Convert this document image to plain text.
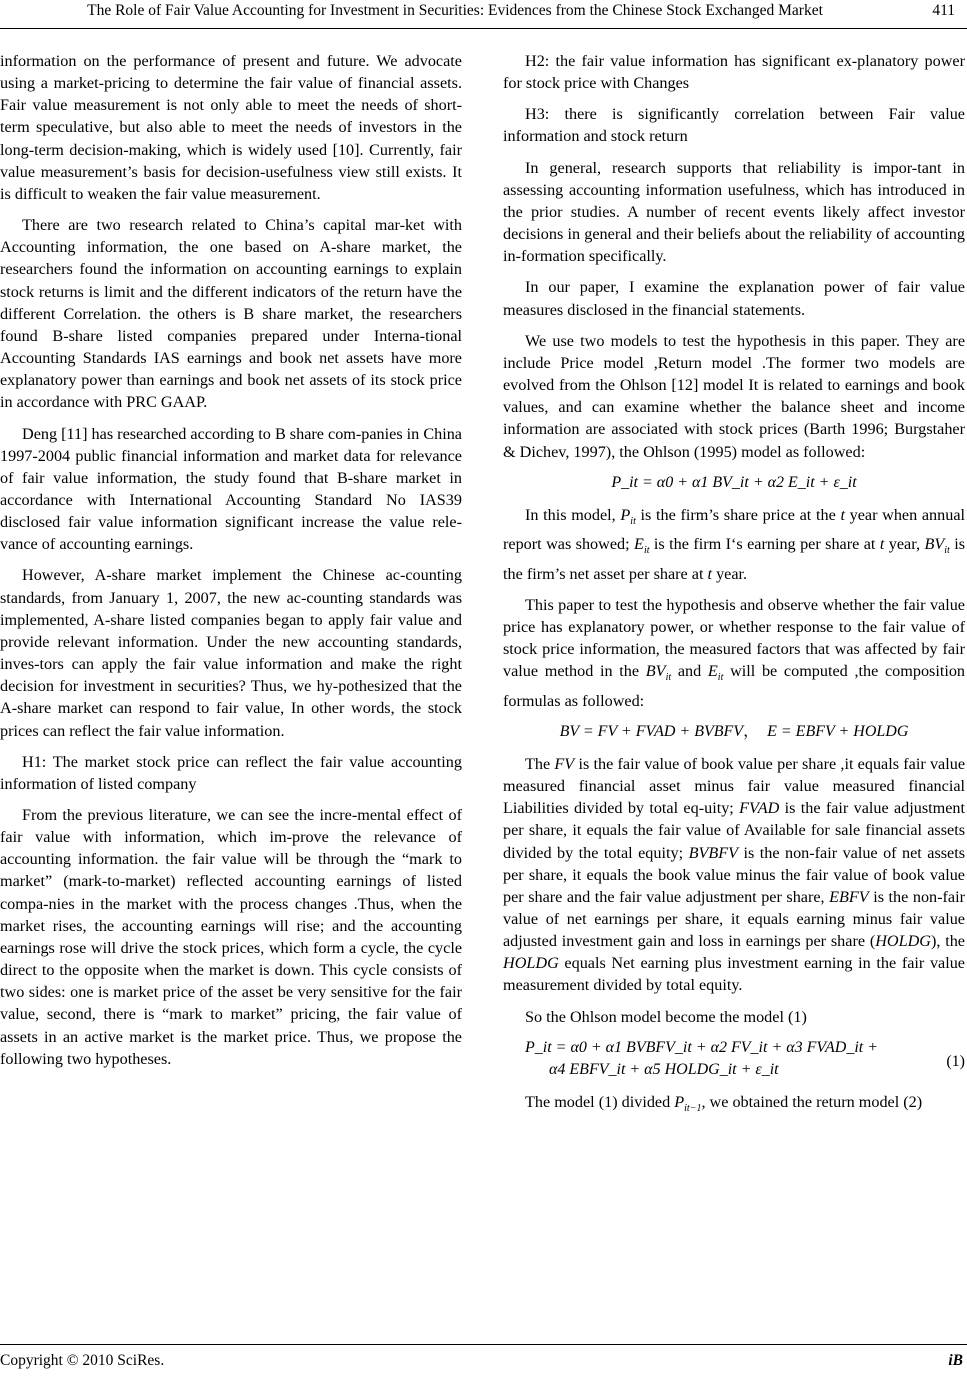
The Role of Fair Value Accounting for Investment in Securities: Evidences from the Chinese Stock Exchanged Market	411

information on the performance of present and future. We advocate using a market-pricing to determine the fair value of financial assets. Fair value measurement is not only able to meet the needs of short-term speculative, but also able to meet the needs of investors in the long-term decision-making, which is widely used [10]. Currently, fair value measurement’s basis for decision-usefulness view still exists. It is difficult to weaken the fair value measurement.

There are two research related to China’s capital mar-ket with Accounting information, the one based on A-share market, the researchers found the information on accounting earnings to explain stock returns is limit and the different indicators of the return have the different Correlation. the others is B share market, the researchers found B-share listed companies prepared under Interna-tional Accounting Standards IAS earnings and book net assets have more explanatory power than earnings and book net assets of its stock price in accordance with PRC GAAP.

Deng [11] has researched according to B share com-panies in China 1997-2004 public financial information and market data for relevance of fair value information, the study found that B-share market in accordance with International Accounting Standard No IAS39 disclosed fair value information significant increase the value rele-vance of accounting earnings.

However, A-share market implement the Chinese ac-counting standards, from January 1, 2007, the new ac-counting standards was implemented, A-share listed companies began to apply fair value and provide relevant information. Under the new accounting standards, inves-tors can apply the fair value information and make the right decision for investment in securities? Thus, we hy-pothesized that the A-share market can respond to fair value, In other words, the stock prices can reflect the fair value information.

H1: The market stock price can reflect the fair value accounting information of listed company

From the previous literature, we can see the incre-mental effect of fair value with information, which im-prove the relevance of accounting information. the fair value will be through the “mark to market” (mark-to-market) reflected accounting earnings of listed compa-nies in the market with the process changes .Thus, when the market rises, the accounting earnings will rise; and the accounting earnings rose will drive the stock prices, which form a cycle, the cycle direct to the opposite when the market is down. This cycle consists of two sides: one is market price of the asset be very sensitive for the fair value, second, there is “mark to market” pricing, the fair value of assets in an active market is the market price. Thus, we propose the following two hypotheses.

H2: the fair value information has significant ex-planatory power for stock price with Changes

H3: there is significantly correlation between Fair value information and stock return

In general, research supports that reliability is impor-tant in assessing accounting information usefulness, which has introduced in the prior studies. A number of recent events likely affect investor decisions in general and their beliefs about the reliability of accounting in-formation specifically.

In our paper, I examine the explanation power of fair value measures disclosed in the financial statements.

We use two models to test the hypothesis in this paper. They are include Price model ,Return model .The former two models are evolved from the Ohlson [12] model It is related to earnings and book values, and can examine whether the balance sheet and income information are associated with stock prices (Barth 1996; Burgstaher & Dichev, 1997), the Ohlson (1995) model as followed:

P_it = α0 + α1 BV_it + α2 E_it + ε_it

In this model, $P_{it}$ is the firm’s share price at the t year when annual report was showed; $E_{it}$ is the firm I‘s earning per share at t year, $BV_{it}$ is the firm’s net asset per share at t year.

This paper to test the hypothesis and observe whether the fair value price has explanatory power, or whether response to the fair value of stock price information, the measured factors that was affected by fair value method in the $BV_{it}$ and $E_{it}$ will be computed ,the composition formulas as followed:

BV = FV + FVAD + BVBFV， E = EBFV + HOLDG

The FV is the fair value of book value per share ,it equals fair value measured financial asset minus fair value measured financial Liabilities divided by total eq-uity; FVAD is the fair value adjustment per share, it equals the fair value of Available for sale financial assets divided by the total equity; BVBFV is the non-fair value of net assets per share, it equals the book value minus the fair value of book value per share and the fair value adjustment per share, EBFV is the non-fair value of net earnings per share, it equals earning minus fair value adjusted investment gain and loss in earnings per share (HOLDG), the HOLDG equals Net earning plus investment earning in the fair value measurement divided by total equity.

So the Ohlson model become the model (1)

P_it = α0 + α1 BVBFV_it + α2 FV_it + α3 FVAD_it +
α4 EBFV_it + α5 HOLDG_it + ε_it	(1)

The model (1) divided $P_{it-1}$, we obtained the return model (2)

Copyright © 2010 SciRes.	iB
